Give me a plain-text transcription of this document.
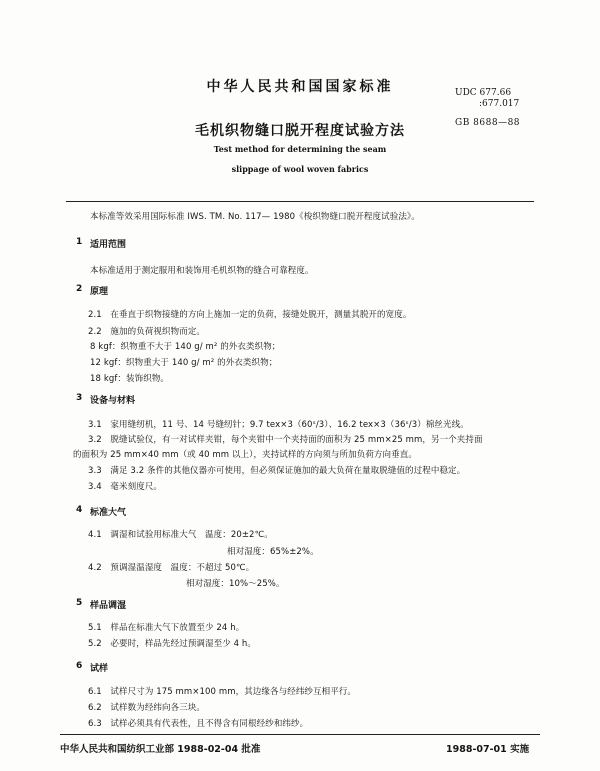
中华人民共和国国家标准	UDC 677.66
:677.017
GB 8688—88
毛机织物缝口脱开程度试验方法
Test method for determining the seam
slippage of wool woven fabrics
本标准等效采用国际标准 IWS. TM. No. 117— 1980《梭织物缝口脱开程度试验法》。
1 适用范围
本标准适用于测定服用和装饰用毛机织物的缝合可靠程度。
2 原理
2.1　在垂直于织物接缝的方向上施加一定的负荷，接缝处脱开，测量其脱开的宽度。
2.2　施加的负荷视织物而定。
8 kgf：织物重不大于 140 g/ m² 的外衣类织物；
12 kgf：织物重大于 140 g/ m² 的外衣类织物；
18 kgf：装饰织物。
3 设备与材料
3.1　家用缝纫机，11 号、14 号缝纫针；9.7 tex×3（60ˢ/3）、16.2 tex×3（36ˢ/3）棉丝光线。
3.2　脱缝试验仪，有一对试样夹钳，每个夹钳中一个夹持面的面积为 25 mm×25 mm，另一个夹持面
的面积为 25 mm×40 mm（或 40 mm 以上），夹持试样的方向须与所加负荷方向垂直。
3.3　满足 3.2 条件的其他仪器亦可使用，但必须保证施加的最大负荷在量取脱缝值的过程中稳定。
3.4　毫米刻度尺。
4 标准大气
4.1　调湿和试验用标准大气　温度：20±2℃。
相对湿度：65%±2%。
4.2　预调湿温湿度　温度：不超过 50℃。
相对湿度：10%～25%。
5 样品调湿
5.1　样品在标准大气下放置至少 24 h。
5.2　必要时，样品先经过预调湿至少 4 h。
6 试样
6.1　试样尺寸为 175 mm×100 mm，其边缘各与经纬纱互相平行。
6.2　试样数为经纬向各三块。
6.3　试样必须具有代表性，且不得含有同根经纱和纬纱。
中华人民共和国纺织工业部 1988-02-04 批准	1988-07-01 实施
